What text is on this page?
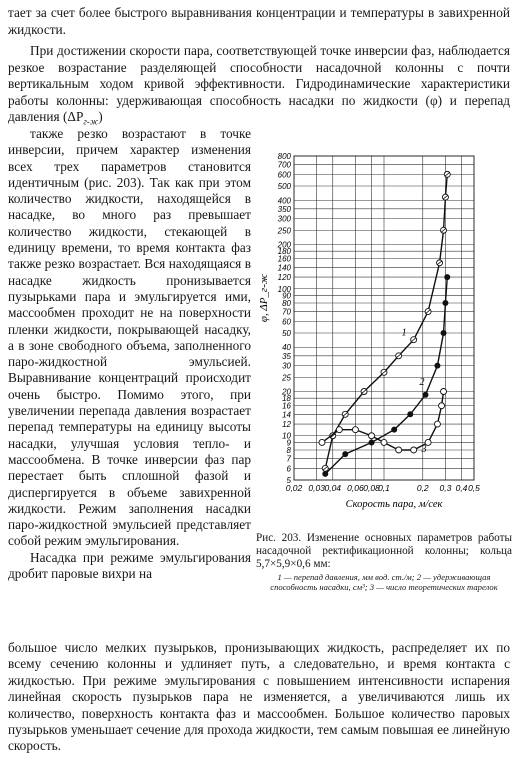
тает за счет более быстрого выравнивания концентрации и температуры в завихренной жидкости.

При достижении скорости пара, соответствующей точке инверсии фаз, наблюдается резкое возрастание разделяющей способности насадочной колонны с почти вертикальным ходом кривой эффективности. Гидродинамические характеристики работы колонны: удерживающая способность насадки по жидкости (φ) и перепад давления $(\Delta P_{г-ж})$

также резко возрастают в точке инверсии, причем характер изменения всех трех параметров становится идентичным (рис. 203). Так как при этом количество жидкости, находящейся в насадке, во много раз превышает количество жидкости, стекающей в единицу времени, то время контакта фаз также резко возрастает. Вся находящаяся в насадке жидкость пронизывается пузырьками пара и эмульгируется ими, массообмен проходит не на поверхности пленки жидкости, покрывающей насадку, а в зоне свободного объема, заполненного паро-жидкостной эмульсией. Выравнивание концентраций происходит очень быстро. Помимо этого, при увеличении перепада давления возрастает перепад температуры на единицу высоты насадки, улучшая условия тепло- и массообмена. В точке инверсии фаз пар перестает быть сплошной фазой и диспергируется в объеме завихренной жидкости. Режим заполнения насадки паро-жидкостной эмульсией представляет собой режим эмульгирования.

Насадка при режиме эмульгирования дробит паровые вихри на

большое число мелких пузырьков, пронизывающих жидкость, распределяет их по всему сечению колонны и удлиняет путь, а следовательно, и время контакта с жидкостью. При режиме эмульгирования с повышением интенсивности испарения линейная скорость пузырьков пара не изменяется, а увеличиваются лишь их количество, поверхность контакта фаз и массообмен. Большое количество паровых пузырьков уменьшает сечение для прохода жидкости, тем самым повышая ее линейную скорость.

0,02 0,03 0,04 0,06 0,08
0,1	0,2 0,3 0,4 0,5
5
6
7
8
9
10
12
14
16
18
20
25
30
35
40
50
60
70
80
90
100
120
140
160
180
200
250
300
350
400
500
600
700
800
Скорость пара, м/сек
φ, ΔP_г-ж
1
2
3
Рис. 203. Изменение основных параметров работы насадочной ректификационной колонны; кольца 5,7×5,9×0,6 мм:
1 — перепад давления, мм вод. ст./м; 2 — удерживающая способность насадки, см³; 3 — число теоретических тарелок
